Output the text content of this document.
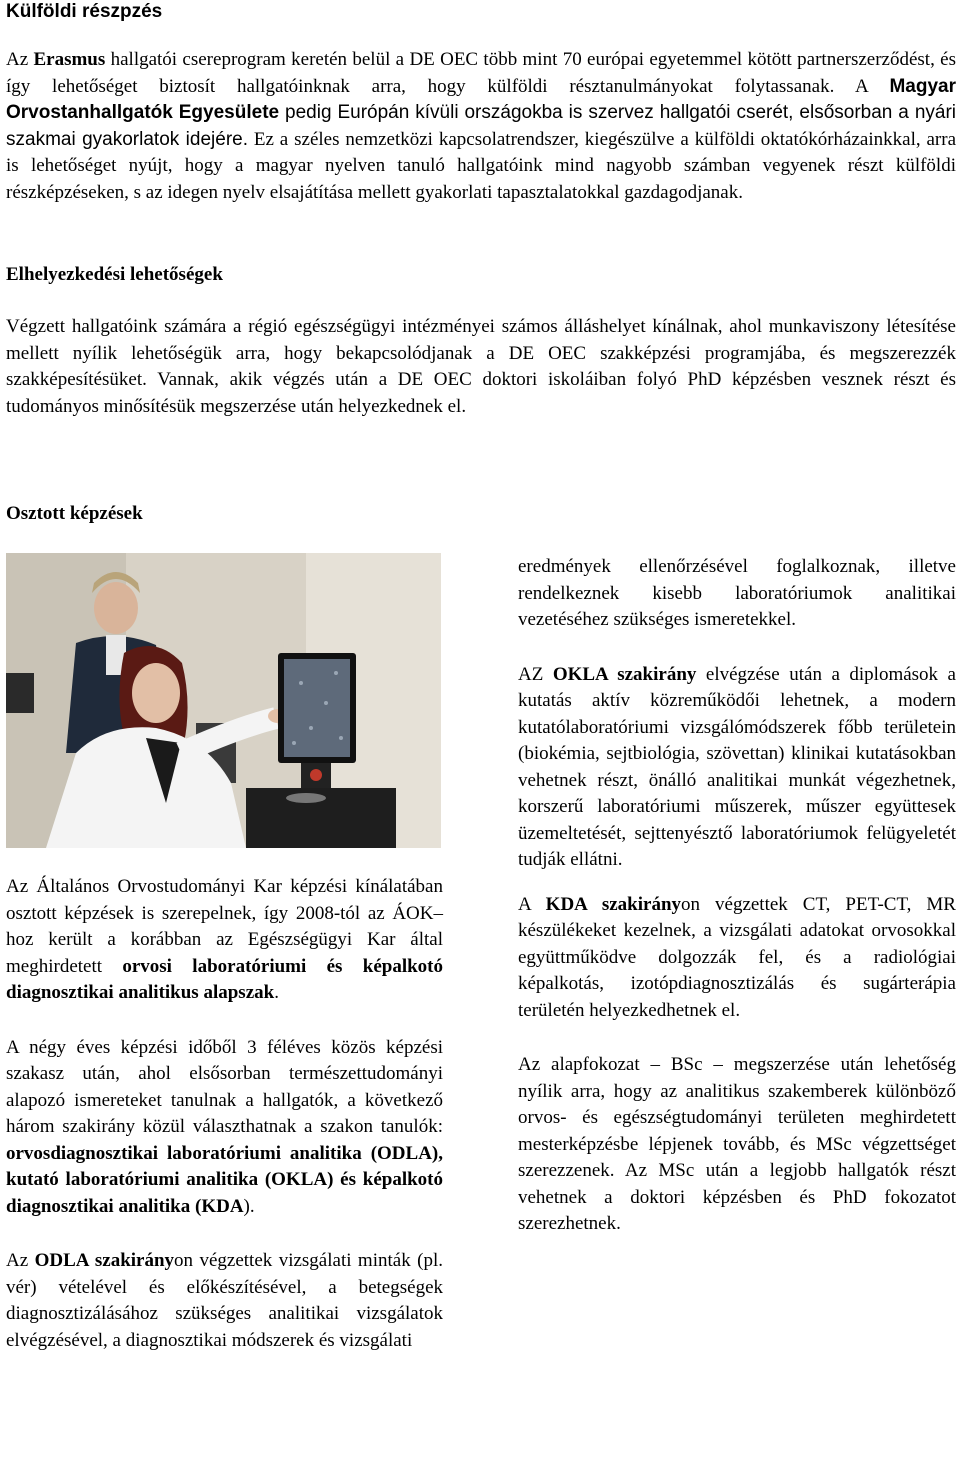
Külföldi részpzés

Az Erasmus hallgatói csereprogram keretén belül a DE OEC több mint 70 európai egyetemmel kötött partnerszerződést, és így lehetőséget biztosít hallgatóinknak arra, hogy külföldi résztanulmányokat folytassanak. A Magyar Orvostanhallgatók Egyesülete pedig Európán kívüli országokba is szervez hallgatói cserét, elsősorban a nyári szakmai gyakorlatok idejére. Ez a széles nemzetközi kapcsolatrendszer, kiegészülve a külföldi oktatókórházainkkal, arra is lehetőséget nyújt, hogy a magyar nyelven tanuló hallgatóink mind nagyobb számban vegyenek részt külföldi részképzéseken, s az idegen nyelv elsajátítása mellett gyakorlati tapasztalatokkal gazdagodjanak.

Elhelyezkedési lehetőségek

Végzett hallgatóink számára a régió egészségügyi intézményei számos álláshelyet kínálnak, ahol munkaviszony létesítése mellett nyílik lehetőségük arra, hogy bekapcsolódjanak a DE OEC szakképzési programjába, és megszerezzék szakképesítésüket. Vannak, akik végzés után a DE OEC doktori iskoláiban folyó PhD képzésben vesznek részt és tudományos minősítésük megszerzése után helyezkednek el.

Osztott képzések

Az Általános Orvostudományi Kar képzési kínálatában osztott képzések is szerepelnek, így 2008-tól az ÁOK–hoz került a korábban az Egészségügyi Kar által meghirdetett orvosi laboratóriumi és képalkotó diagnosztikai analitikus alapszak.

A négy éves képzési időből 3 féléves közös képzési szakasz után, ahol elsősorban természettudományi alapozó ismereteket tanulnak a hallgatók, a következő három szakirány közül választhatnak a szakon tanulók: orvosdiagnosztikai laboratóriumi analitika (ODLA), kutató laboratóriumi analitika (OKLA) és képalkotó diagnosztikai analitika (KDA).

Az ODLA szakirányon végzettek vizsgálati minták (pl. vér) vételével és előkészítésével, a betegségek diagnosztizálásához szükséges analitikai vizsgálatok elvégzésével, a diagnosztikai módszerek és vizsgálati

eredmények ellenőrzésével foglalkoznak, illetve rendelkeznek kisebb laboratóriumok analitikai vezetéséhez szükséges ismeretekkel.

AZ OKLA szakirány elvégzése után a diplomások a kutatás aktív közreműködői lehetnek, a modern kutatólaboratóriumi vizsgálómódszerek főbb területein (biokémia, sejtbiológia, szövettan) klinikai kutatásokban vehetnek részt, önálló analitikai munkát végezhetnek, korszerű laboratóriumi műszerek, műszer együttesek üzemeltetését, sejttenyésztő laboratóriumok felügyeletét tudják ellátni.

A KDA szakirányon végzettek CT, PET-CT, MR készülékeket kezelnek, a vizsgálati adatokat orvosokkal együttműködve dolgozzák fel, és a radiológiai képalkotás, izotópdiagnosztizálás és sugárterápia területén helyezkedhetnek el.

Az alapfokozat – BSc – megszerzése után lehetőség nyílik arra, hogy az analitikus szakemberek különböző orvos- és egészségtudományi területen meghirdetett mesterképzésbe lépjenek tovább, és MSc végzettséget szerezzenek. Az MSc után a legjobb hallgatók részt vehetnek a doktori képzésben és PhD fokozatot szerezhetnek.
